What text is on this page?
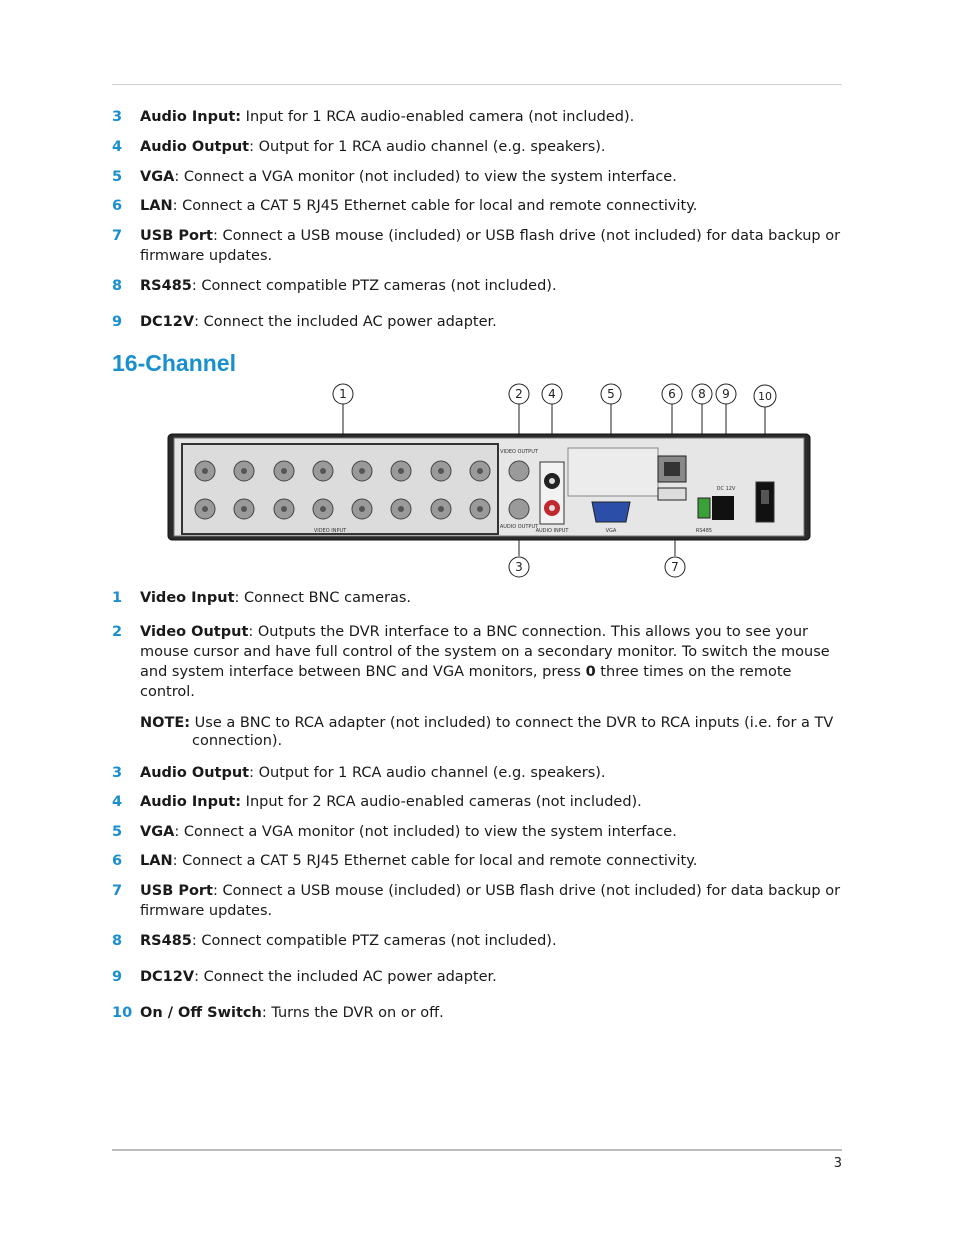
3 Audio Input: Input for 1 RCA audio-enabled camera (not included).
4 Audio Output: Output for 1 RCA audio channel (e.g. speakers).
5 VGA: Connect a VGA monitor (not included) to view the system interface.
6 LAN: Connect a CAT 5 RJ45 Ethernet cable for local and remote connectivity.
7 USB Port: Connect a USB mouse (included) or USB flash drive (not included) for data backup or firmware updates.
8 RS485: Connect compatible PTZ cameras (not included).
9 DC12V: Connect the included AC power adapter.
16-Channel
VIDEO INPUT
VIDEO OUTPUT
AUDIO OUTPUT
AUDIO INPUT	VGA	RS485
DC 12V
1	2 4	5	6 8 9	10
3	7
1 Video Input: Connect BNC cameras.
2 Video Output: Outputs the DVR interface to a BNC connection. This allows you to see your mouse cursor and have full control of the system on a secondary monitor. To switch the mouse and system interface between BNC and VGA monitors, press 0 three times on the remote control.
NOTE: Use a BNC to RCA adapter (not included) to connect the DVR to RCA inputs (i.e. for a TV
connection).
3 Audio Output: Output for 1 RCA audio channel (e.g. speakers).
4 Audio Input: Input for 2 RCA audio-enabled cameras (not included).
5 VGA: Connect a VGA monitor (not included) to view the system interface.
6 LAN: Connect a CAT 5 RJ45 Ethernet cable for local and remote connectivity.
7 USB Port: Connect a USB mouse (included) or USB flash drive (not included) for data backup or firmware updates.
8 RS485: Connect compatible PTZ cameras (not included).
9 DC12V: Connect the included AC power adapter.
10 On / Off Switch: Turns the DVR on or off.
3
